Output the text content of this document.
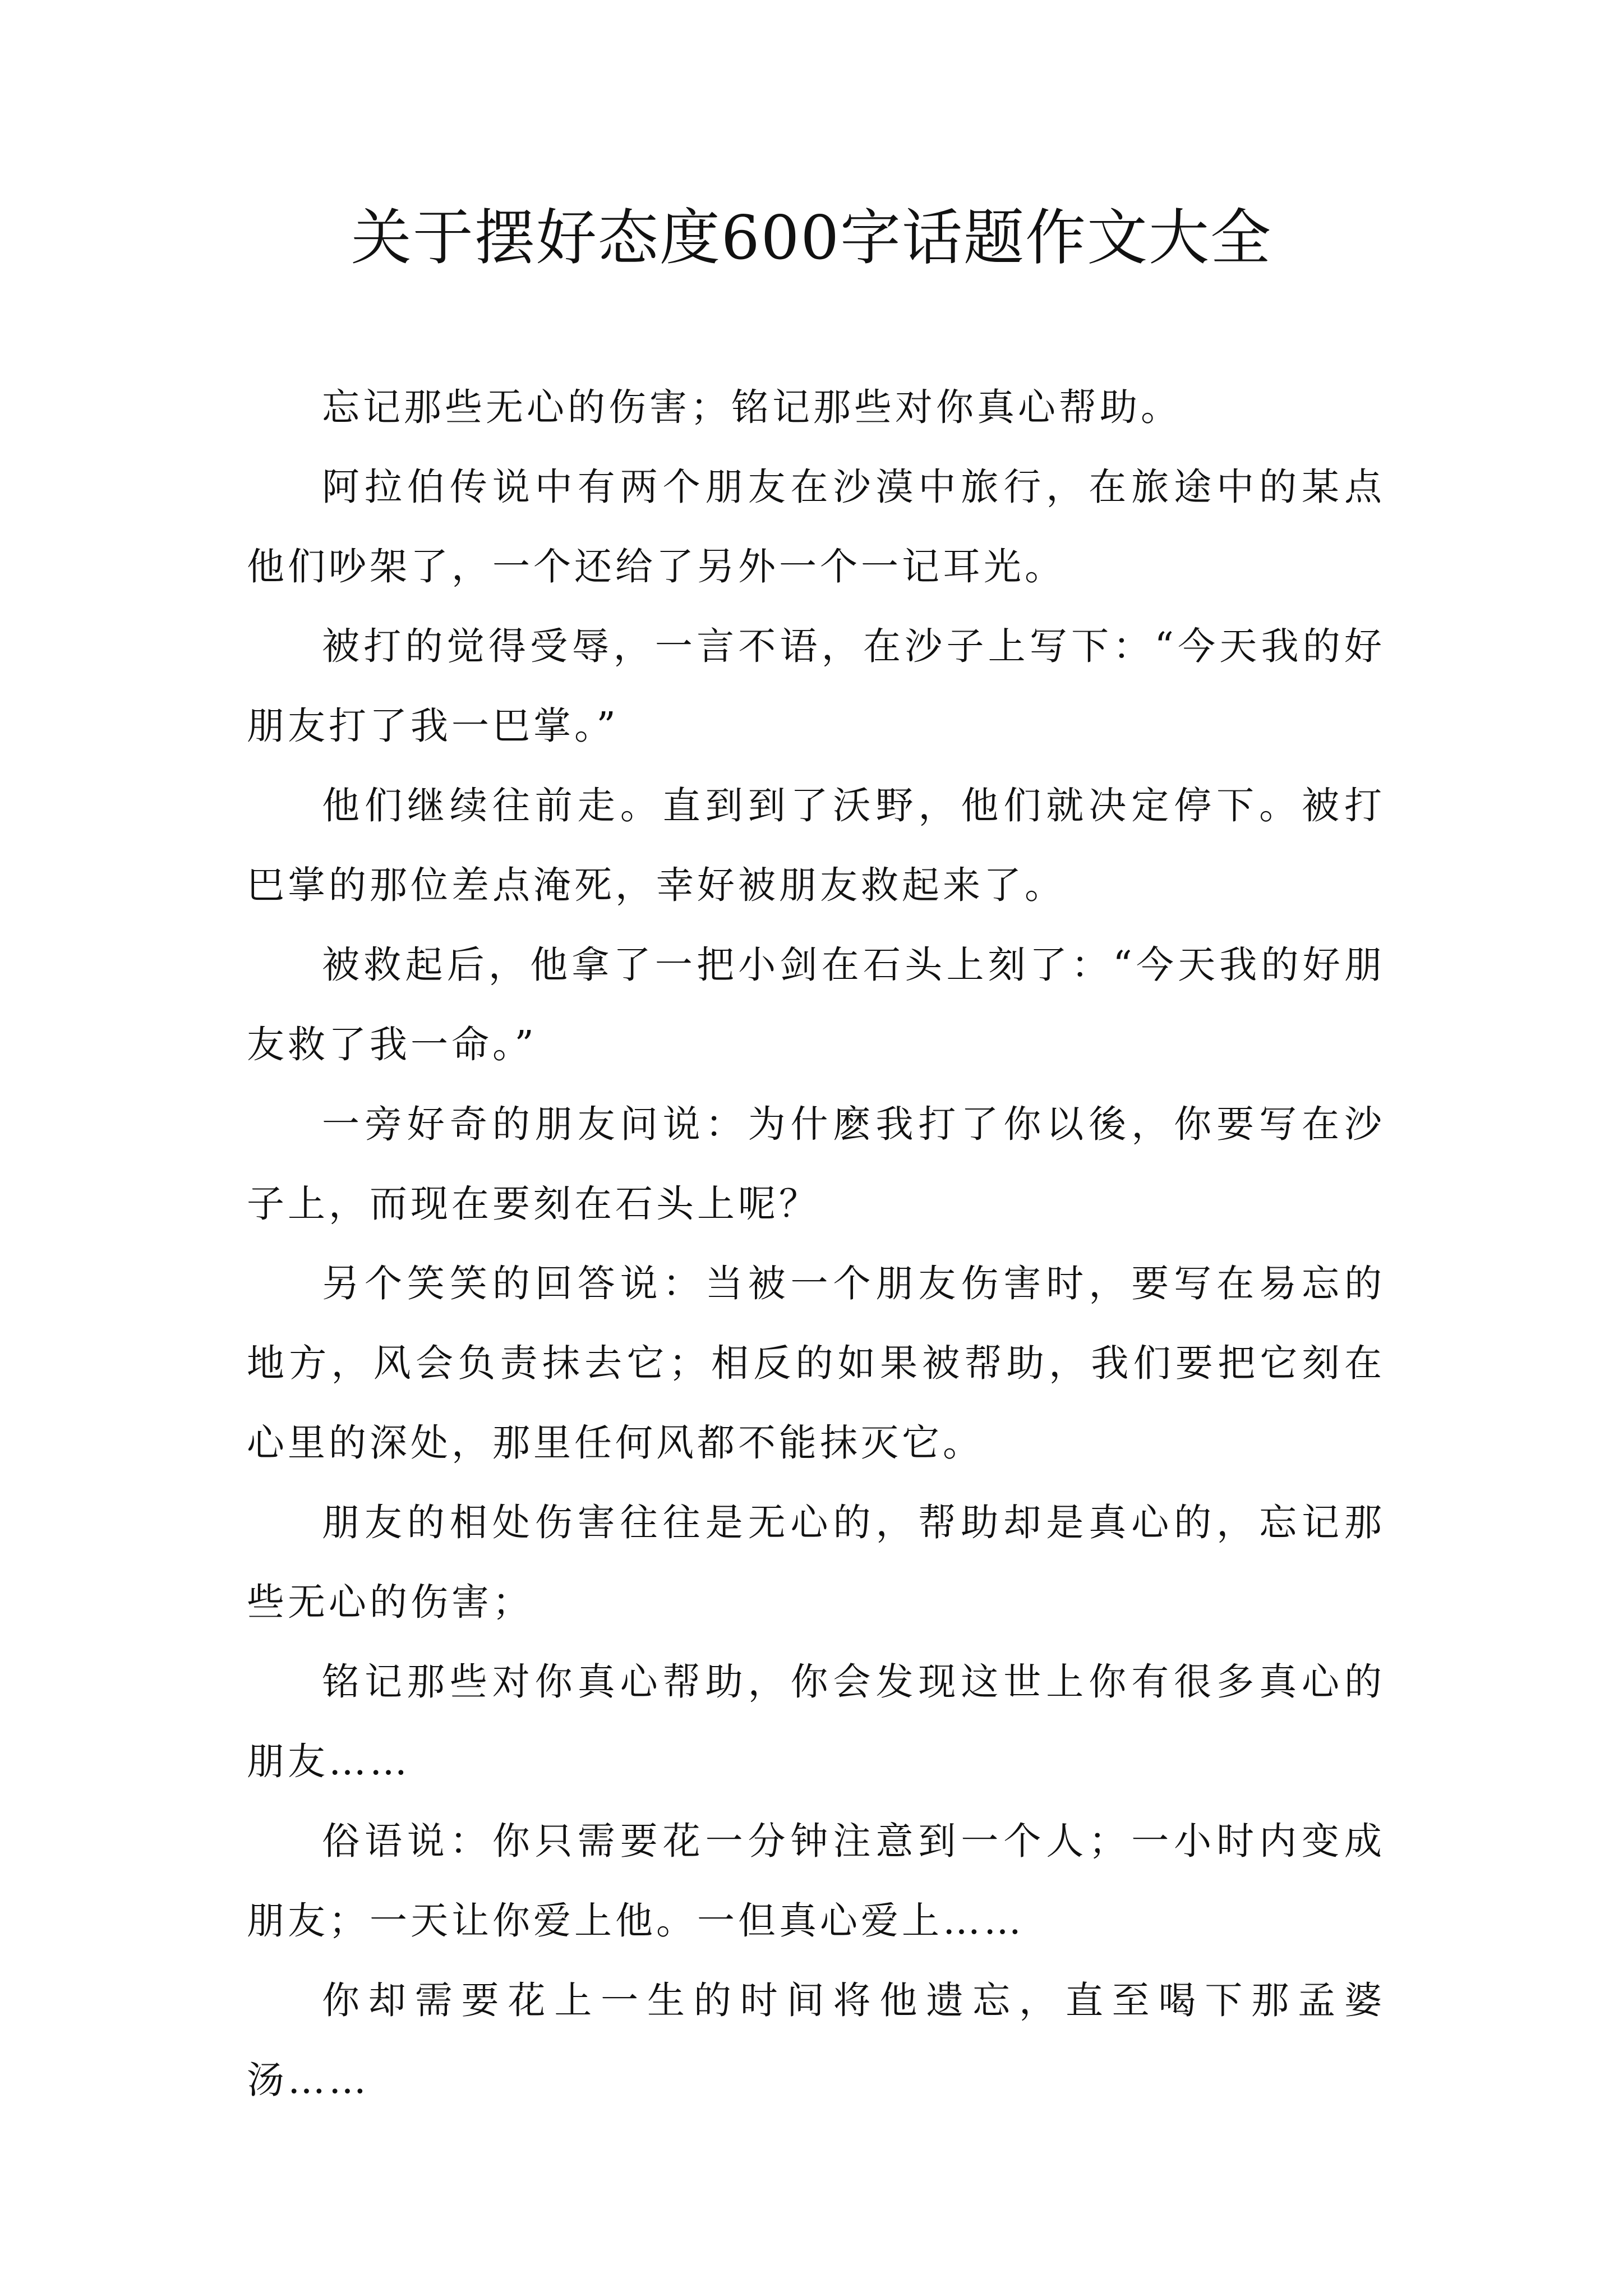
关于摆好态度600字话题作文大全

忘记那些无心的伤害；铭记那些对你真心帮助。

阿拉伯传说中有两个朋友在沙漠中旅行，在旅途中的某点他们吵架了，一个还给了另外一个一记耳光。

被打的觉得受辱，一言不语，在沙子上写下：“今天我的好朋友打了我一巴掌。”

他们继续往前走。直到到了沃野，他们就决定停下。被打巴掌的那位差点淹死，幸好被朋友救起来了。

被救起后，他拿了一把小剑在石头上刻了：“今天我的好朋友救了我一命。”

一旁好奇的朋友问说：为什麽我打了你以後，你要写在沙子上，而现在要刻在石头上呢？

另个笑笑的回答说：当被一个朋友伤害时，要写在易忘的地方，风会负责抹去它；相反的如果被帮助，我们要把它刻在心里的深处，那里任何风都不能抹灭它。

朋友的相处伤害往往是无心的，帮助却是真心的，忘记那些无心的伤害；

铭记那些对你真心帮助，你会发现这世上你有很多真心的朋友……

俗语说：你只需要花一分钟注意到一个人；一小时内变成朋友；一天让你爱上他。一但真心爱上……

你却需要花上一生的时间将他遗忘，直至喝下那孟婆汤……
